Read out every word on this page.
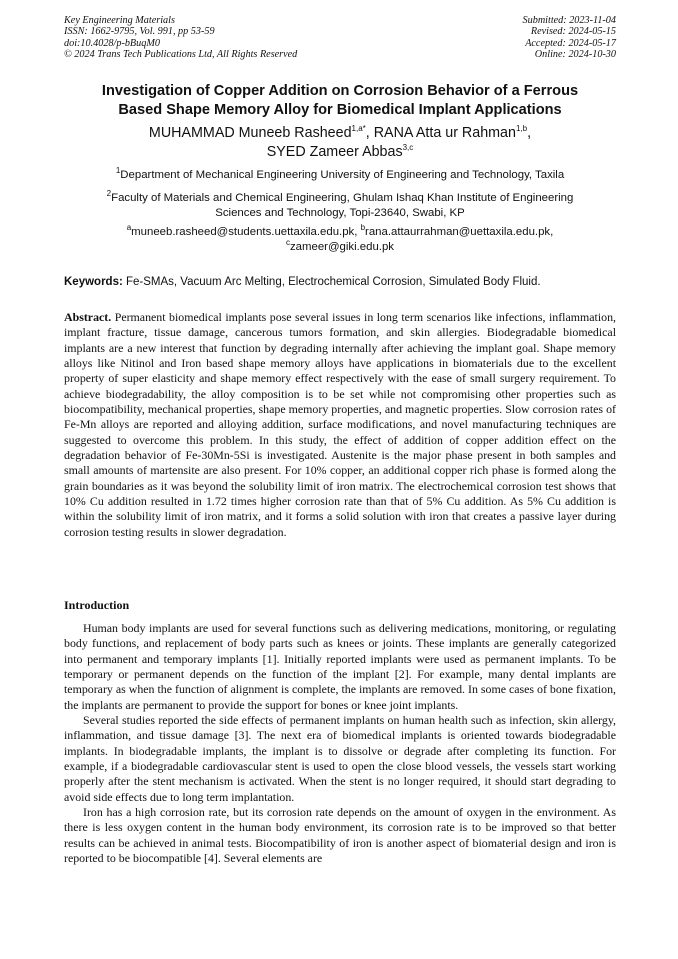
Key Engineering Materials
ISSN: 1662-9795, Vol. 991, pp 53-59
doi:10.4028/p-bBuqM0
© 2024 Trans Tech Publications Ltd, All Rights Reserved
Submitted: 2023-11-04
Revised: 2024-05-15
Accepted: 2024-05-17
Online: 2024-10-30
Investigation of Copper Addition on Corrosion Behavior of a Ferrous
Based Shape Memory Alloy for Biomedical Implant Applications
MUHAMMAD Muneeb Rasheed$^{1,a*}$, RANA Atta ur Rahman$^{1,b}$,
SYED Zameer Abbas$^{3,c}$
$^1$Department of Mechanical Engineering University of Engineering and Technology, Taxila
$^2$Faculty of Materials and Chemical Engineering, Ghulam Ishaq Khan Institute of Engineering
Sciences and Technology, Topi-23640, Swabi, KP
$^a$muneeb.rasheed@students.uettaxila.edu.pk, $^b$rana.attaurrahman@uettaxila.edu.pk,
$^c$zameer@giki.edu.pk
Keywords: Fe-SMAs, Vacuum Arc Melting, Electrochemical Corrosion, Simulated Body Fluid.
Abstract. Permanent biomedical implants pose several issues in long term scenarios like infections, inflammation, implant fracture, tissue damage, cancerous tumors formation, and skin allergies. Biodegradable biomedical implants are a new interest that function by degrading internally after achieving the implant goal. Shape memory alloys like Nitinol and Iron based shape memory alloys have applications in biomaterials due to the excellent property of super elasticity and shape memory effect respectively with the ease of small surgery requirement. To achieve biodegradability, the alloy composition is to be set while not compromising other properties such as biocompatibility, mechanical properties, shape memory properties, and magnetic properties. Slow corrosion rates of Fe-Mn alloys are reported and alloying addition, surface modifications, and novel manufacturing techniques are suggested to overcome this problem. In this study, the effect of addition of copper addition effect on the degradation behavior of Fe-30Mn-5Si is investigated. Austenite is the major phase present in both samples and small amounts of martensite are also present. For 10% copper, an additional copper rich phase is formed along the grain boundaries as it was beyond the solubility limit of iron matrix. The electrochemical corrosion test shows that 10% Cu addition resulted in 1.72 times higher corrosion rate than that of 5% Cu addition. As 5% Cu addition is within the solubility limit of iron matrix, and it forms a solid solution with iron that creates a passive layer during corrosion testing results in slower degradation.
Introduction

Human body implants are used for several functions such as delivering medications, monitoring, or regulating body functions, and replacement of body parts such as knees or joints. These implants are generally categorized into permanent and temporary implants [1]. Initially reported implants were used as permanent implants. To be temporary or permanent depends on the function of the implant [2]. For example, many dental implants are temporary as when the function of alignment is complete, the implants are removed. In some cases of bone fixation, the implants are permanent to provide the support for bones or knee joint implants.

Several studies reported the side effects of permanent implants on human health such as infection, skin allergy, inflammation, and tissue damage [3]. The next era of biomedical implants is oriented towards biodegradable implants. In biodegradable implants, the implant is to dissolve or degrade after completing its function. For example, if a biodegradable cardiovascular stent is used to open the close blood vessels, the vessels start working properly after the stent mechanism is activated. When the stent is no longer required, it should start degrading to avoid side effects due to long term implantation.

Iron has a high corrosion rate, but its corrosion rate depends on the amount of oxygen in the environment. As there is less oxygen content in the human body environment, its corrosion rate is to be improved so that better results can be achieved in animal tests. Biocompatibility of iron is another aspect of biomaterial design and iron is reported to be biocompatible [4]. Several elements are
